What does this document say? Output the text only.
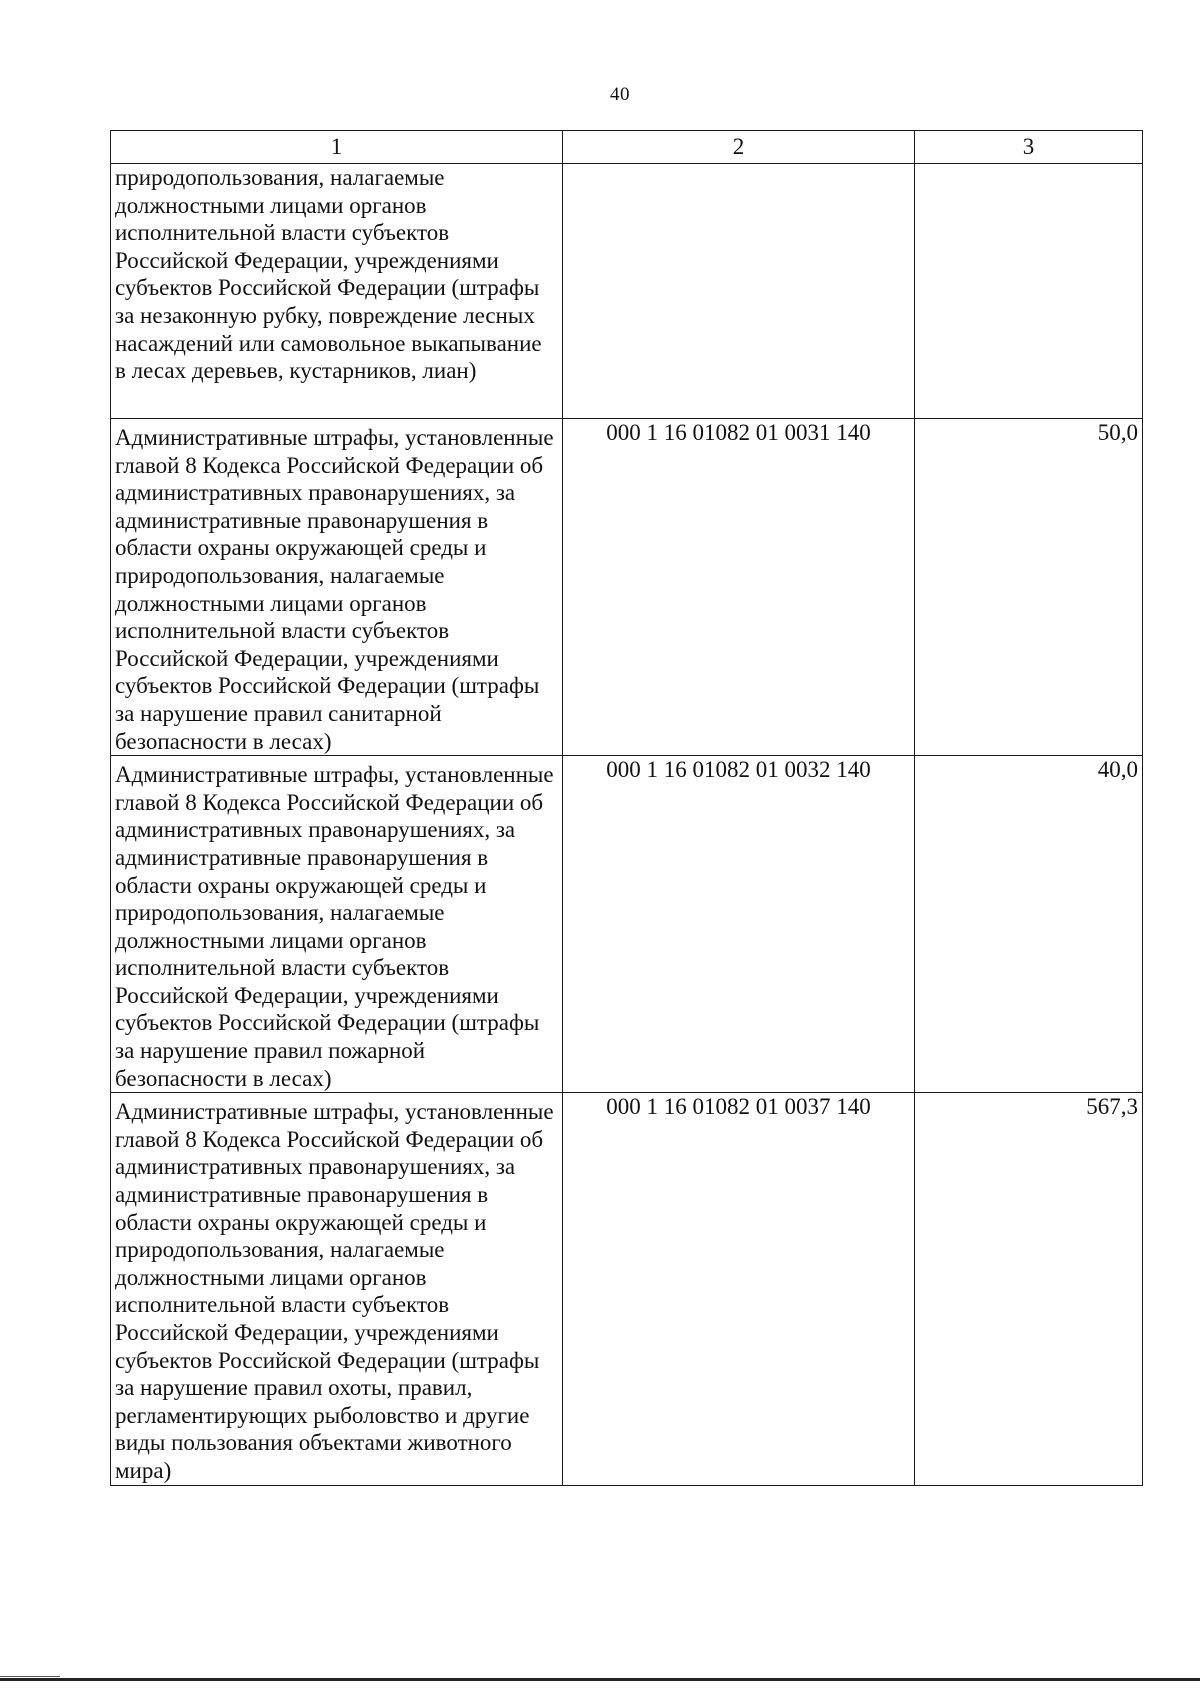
40
1	2	3
природопользования, налагаемые должностными лицами органов исполнительной власти субъектов Российской Федерации, учреждениями субъектов Российской Федерации (штрафы за незаконную рубку, повреждение лесных насаждений или самовольное выкапывание в лесах деревьев, кустарников, лиан)		
Административные штрафы, установленные главой 8 Кодекса Российской Федерации об административных правонарушениях, за административные правонарушения в области охраны окружающей среды и природопользования, налагаемые должностными лицами органов исполнительной власти субъектов Российской Федерации, учреждениями субъектов Российской Федерации (штрафы за нарушение правил санитарной безопасности в лесах)	000 1 16 01082 01 0031 140	50,0
Административные штрафы, установленные главой 8 Кодекса Российской Федерации об административных правонарушениях, за административные правонарушения в области охраны окружающей среды и природопользования, налагаемые должностными лицами органов исполнительной власти субъектов Российской Федерации, учреждениями субъектов Российской Федерации (штрафы за нарушение правил пожарной безопасности в лесах)	000 1 16 01082 01 0032 140	40,0
Административные штрафы, установленные главой 8 Кодекса Российской Федерации об административных правонарушениях, за административные правонарушения в области охраны окружающей среды и природопользования, налагаемые должностными лицами органов исполнительной власти субъектов Российской Федерации, учреждениями субъектов Российской Федерации (штрафы за нарушение правил охоты, правил, регламентирующих рыболовство и другие виды пользования объектами животного мира)	000 1 16 01082 01 0037 140	567,3
